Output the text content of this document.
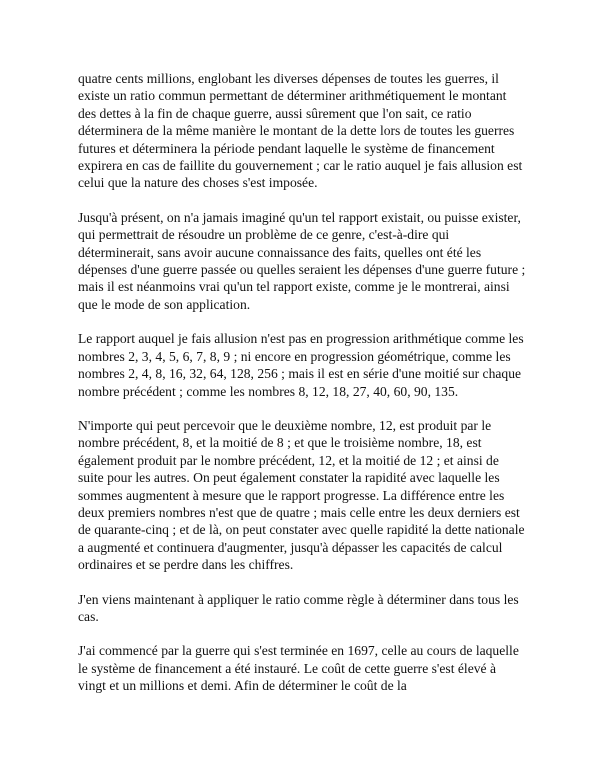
quatre cents millions, englobant les diverses dépenses de toutes les guerres, il existe un ratio commun permettant de déterminer arithmétiquement le montant des dettes à la fin de chaque guerre, aussi sûrement que l'on sait, ce ratio déterminera de la même manière le montant de la dette lors de toutes les guerres futures et déterminera la période pendant laquelle le système de financement expirera en cas de faillite du gouvernement ; car le ratio auquel je fais allusion est celui que la nature des choses s'est imposée.

Jusqu'à présent, on n'a jamais imaginé qu'un tel rapport existait, ou puisse exister, qui permettrait de résoudre un problème de ce genre, c'est-à-dire qui déterminerait, sans avoir aucune connaissance des faits, quelles ont été les dépenses d'une guerre passée ou quelles seraient les dépenses d'une guerre future ; mais il est néanmoins vrai qu'un tel rapport existe, comme je le montrerai, ainsi que le mode de son application.

Le rapport auquel je fais allusion n'est pas en progression arithmétique comme les nombres 2, 3, 4, 5, 6, 7, 8, 9 ; ni encore en progression géométrique, comme les nombres 2, 4, 8, 16, 32, 64, 128, 256 ; mais il est en série d'une moitié sur chaque nombre précédent ; comme les nombres 8, 12, 18, 27, 40, 60, 90, 135.

N'importe qui peut percevoir que le deuxième nombre, 12, est produit par le nombre précédent, 8, et la moitié de 8 ; et que le troisième nombre, 18, est également produit par le nombre précédent, 12, et la moitié de 12 ; et ainsi de suite pour les autres. On peut également constater la rapidité avec laquelle les sommes augmentent à mesure que le rapport progresse. La différence entre les deux premiers nombres n'est que de quatre ; mais celle entre les deux derniers est de quarante-cinq ; et de là, on peut constater avec quelle rapidité la dette nationale a augmenté et continuera d'augmenter, jusqu'à dépasser les capacités de calcul ordinaires et se perdre dans les chiffres.

J'en viens maintenant à appliquer le ratio comme règle à déterminer dans tous les cas.

J'ai commencé par la guerre qui s'est terminée en 1697, celle au cours de laquelle le système de financement a été instauré. Le coût de cette guerre s'est élevé à vingt et un millions et demi. Afin de déterminer le coût de la
